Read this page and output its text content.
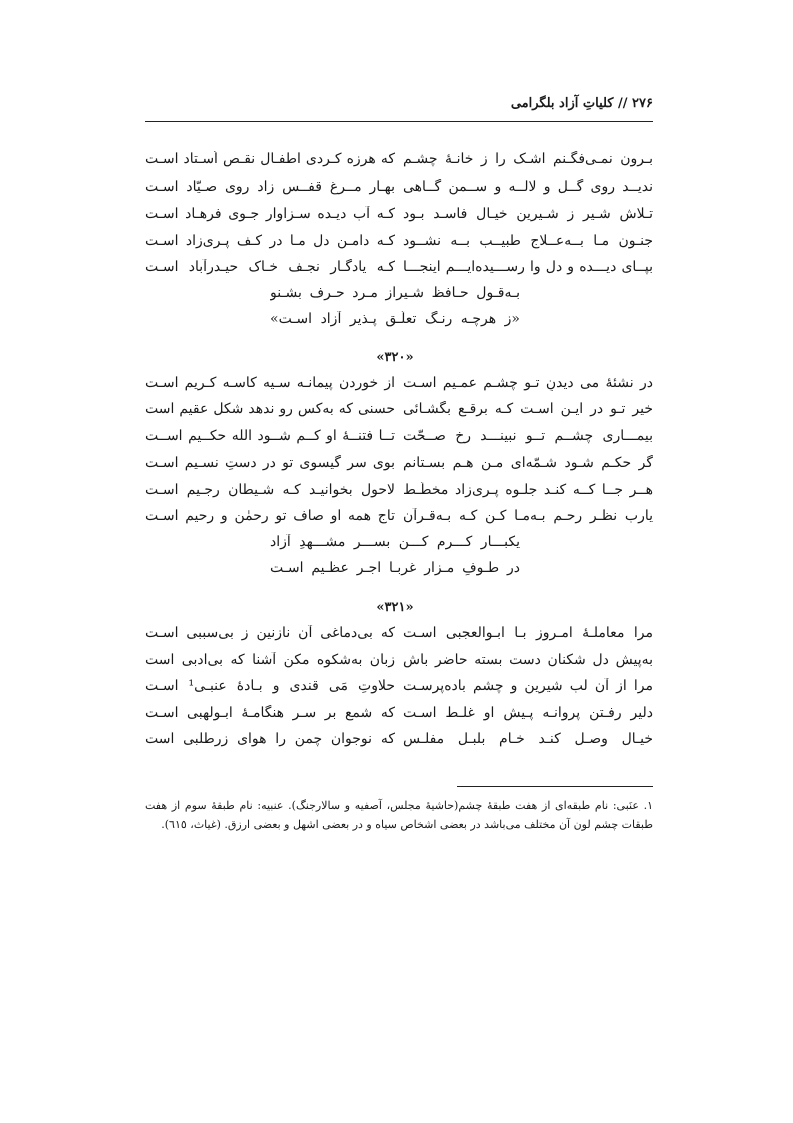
۲۷۶ // کلیاتِ آزاد بلگرامی
بـرون نمـی‌فگـنم اشـک را ز خانـهٔ چشـم
که هرزه کـردی اطفـال نقـص اُسـتاد اسـت
ندیــد روی گــل و لالــه و ســمن گــاهی
بهـار مــرغ قفــس زاد روی صـیّاد اسـت
تـلاش شـیر ز شـیرین خیـال فاسـد بـود
کـه آب دیـده سـزاوار جـوی فرهـاد اسـت
جنـون مـا بــه‌عــلاج طبیــب بــه نشــود
کـه دامـن دل مـا در کـف پـری‌زاد اسـت
بپــای دیـــده و دل وا رســـیده‌ایـــم اینجـــا
کـه یادگـار نجـف خـاک حیـدرآباد اسـت
بـه‌قـول حـافظ شـیراز مـرد حـرف بشـنو
«ز هرچـه رنـگ تعلّـق پـذیر آزاد اسـت»
«۳۲۰»
در نشئهٔ می دیدنِ تـو چشـم عمـیم اسـت
از خوردن پیمانـه سـیه کاسـه کـریم اسـت
خیر تـو در ایـن اسـت کـه برقـع بگشـائی
حسنی که به‌کس رو ندهد شکل عقیم است
بیمـــاری چشــم تــو نبینـــد رخ صــحّت
تــا فتنــهٔ او کــم شــود الله حکــیم اســت
گر حکـم شـود شـمّه‌ای مـن هـم بسـتانم
بوی سر گیسوی تو در دستِ نسـیم اسـت
هــر جــا کــه کنـد جلـوه پـری‌زاد مخطّـط
لاحول بخوانیـد کـه شـیطان رجـیم اسـت
یارب نظـر رحـم بـه‌مـا کـن کـه بـه‌قـرآن
تاج همه او صاف تو رحمٰن و رحیم اسـت
یکبـــار کـــرم کـــن بســـر مشـــهدِ آزاد
در طـوفِ مـزارِ غربـا اجـر عظـیم اسـت
«۳۲۱»
مرا معاملـهٔ امـروز بـا ابـوالعجبی اسـت
که بی‌دماغی آن نازنین ز بی‌سببی اسـت
به‌پیش دل شکنان دست بسته حاضر باش
زبان به‌شکوه مکن آشنا که بی‌ادبی است
مرا از آن لب شیرین و چشم باده‌پرسـت
حلاوتِ مَی قندی و بـادهٔ عنبـی¹ اسـت
دلیر رفـتن پروانـه پـیش او غلـط اسـت
که شمع بر سـر هنگامـهٔ ابـولهبی اسـت
خیـال وصـل کنـد خـام بلبـل مفلـس
که نوجوان چمن را هوای زرطلبی است

۱. عنَبی: نام طبقه‌ای از هفت طبقهٔ چشم(حاشیهٔ مجلس، آصفیه و سالارجنگ). عنبیه: نام طبقهٔ سوم از هفت طبقات چشم لون آن مختلف می‌باشد در بعضی اشخاص سیاه و در بعضی اشهل و بعضی ارزق. (غیاث، ٦١٥).
